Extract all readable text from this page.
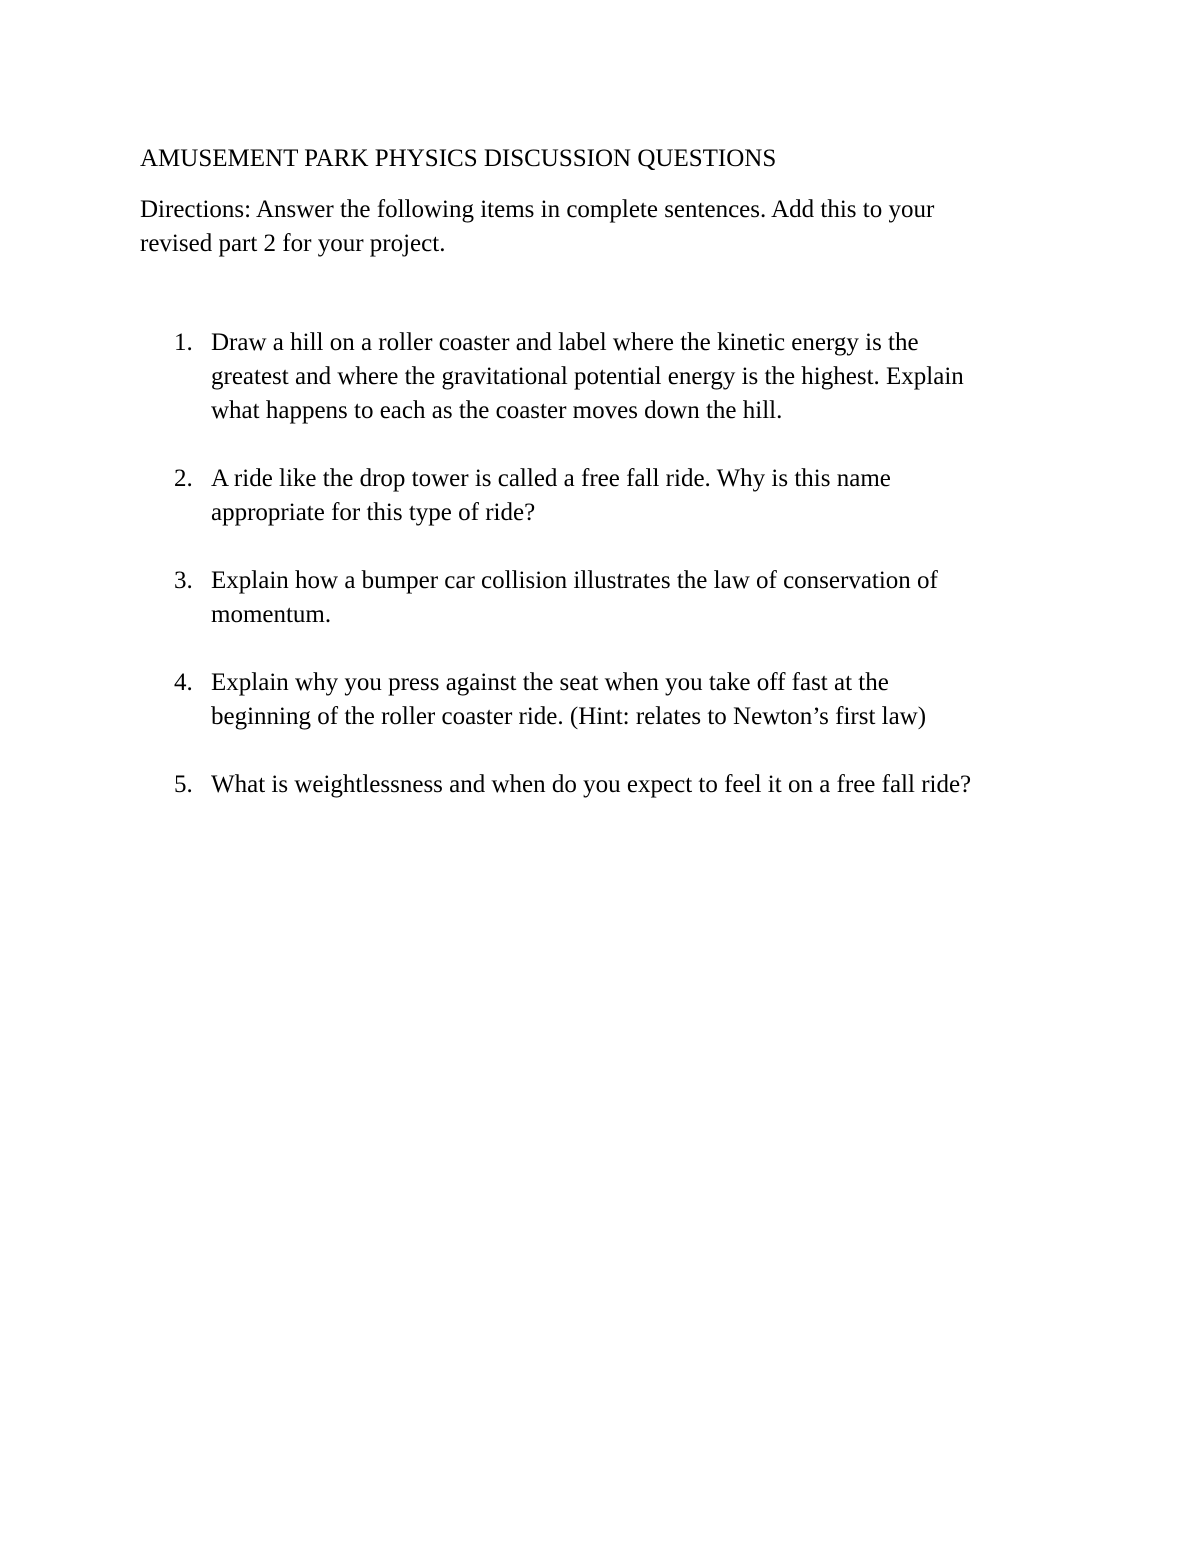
AMUSEMENT PARK PHYSICS DISCUSSION QUESTIONS
Directions: Answer the following items in complete sentences. Add this to your
revised part 2 for your project.
1. Draw a hill on a roller coaster and label where the kinetic energy is the
greatest and where the gravitational potential energy is the highest. Explain
what happens to each as the coaster moves down the hill.
2. A ride like the drop tower is called a free fall ride. Why is this name
appropriate for this type of ride?
3. Explain how a bumper car collision illustrates the law of conservation of
momentum.
4. Explain why you press against the seat when you take off fast at the
beginning of the roller coaster ride. (Hint: relates to Newton’s first law)
5. What is weightlessness and when do you expect to feel it on a free fall ride?
